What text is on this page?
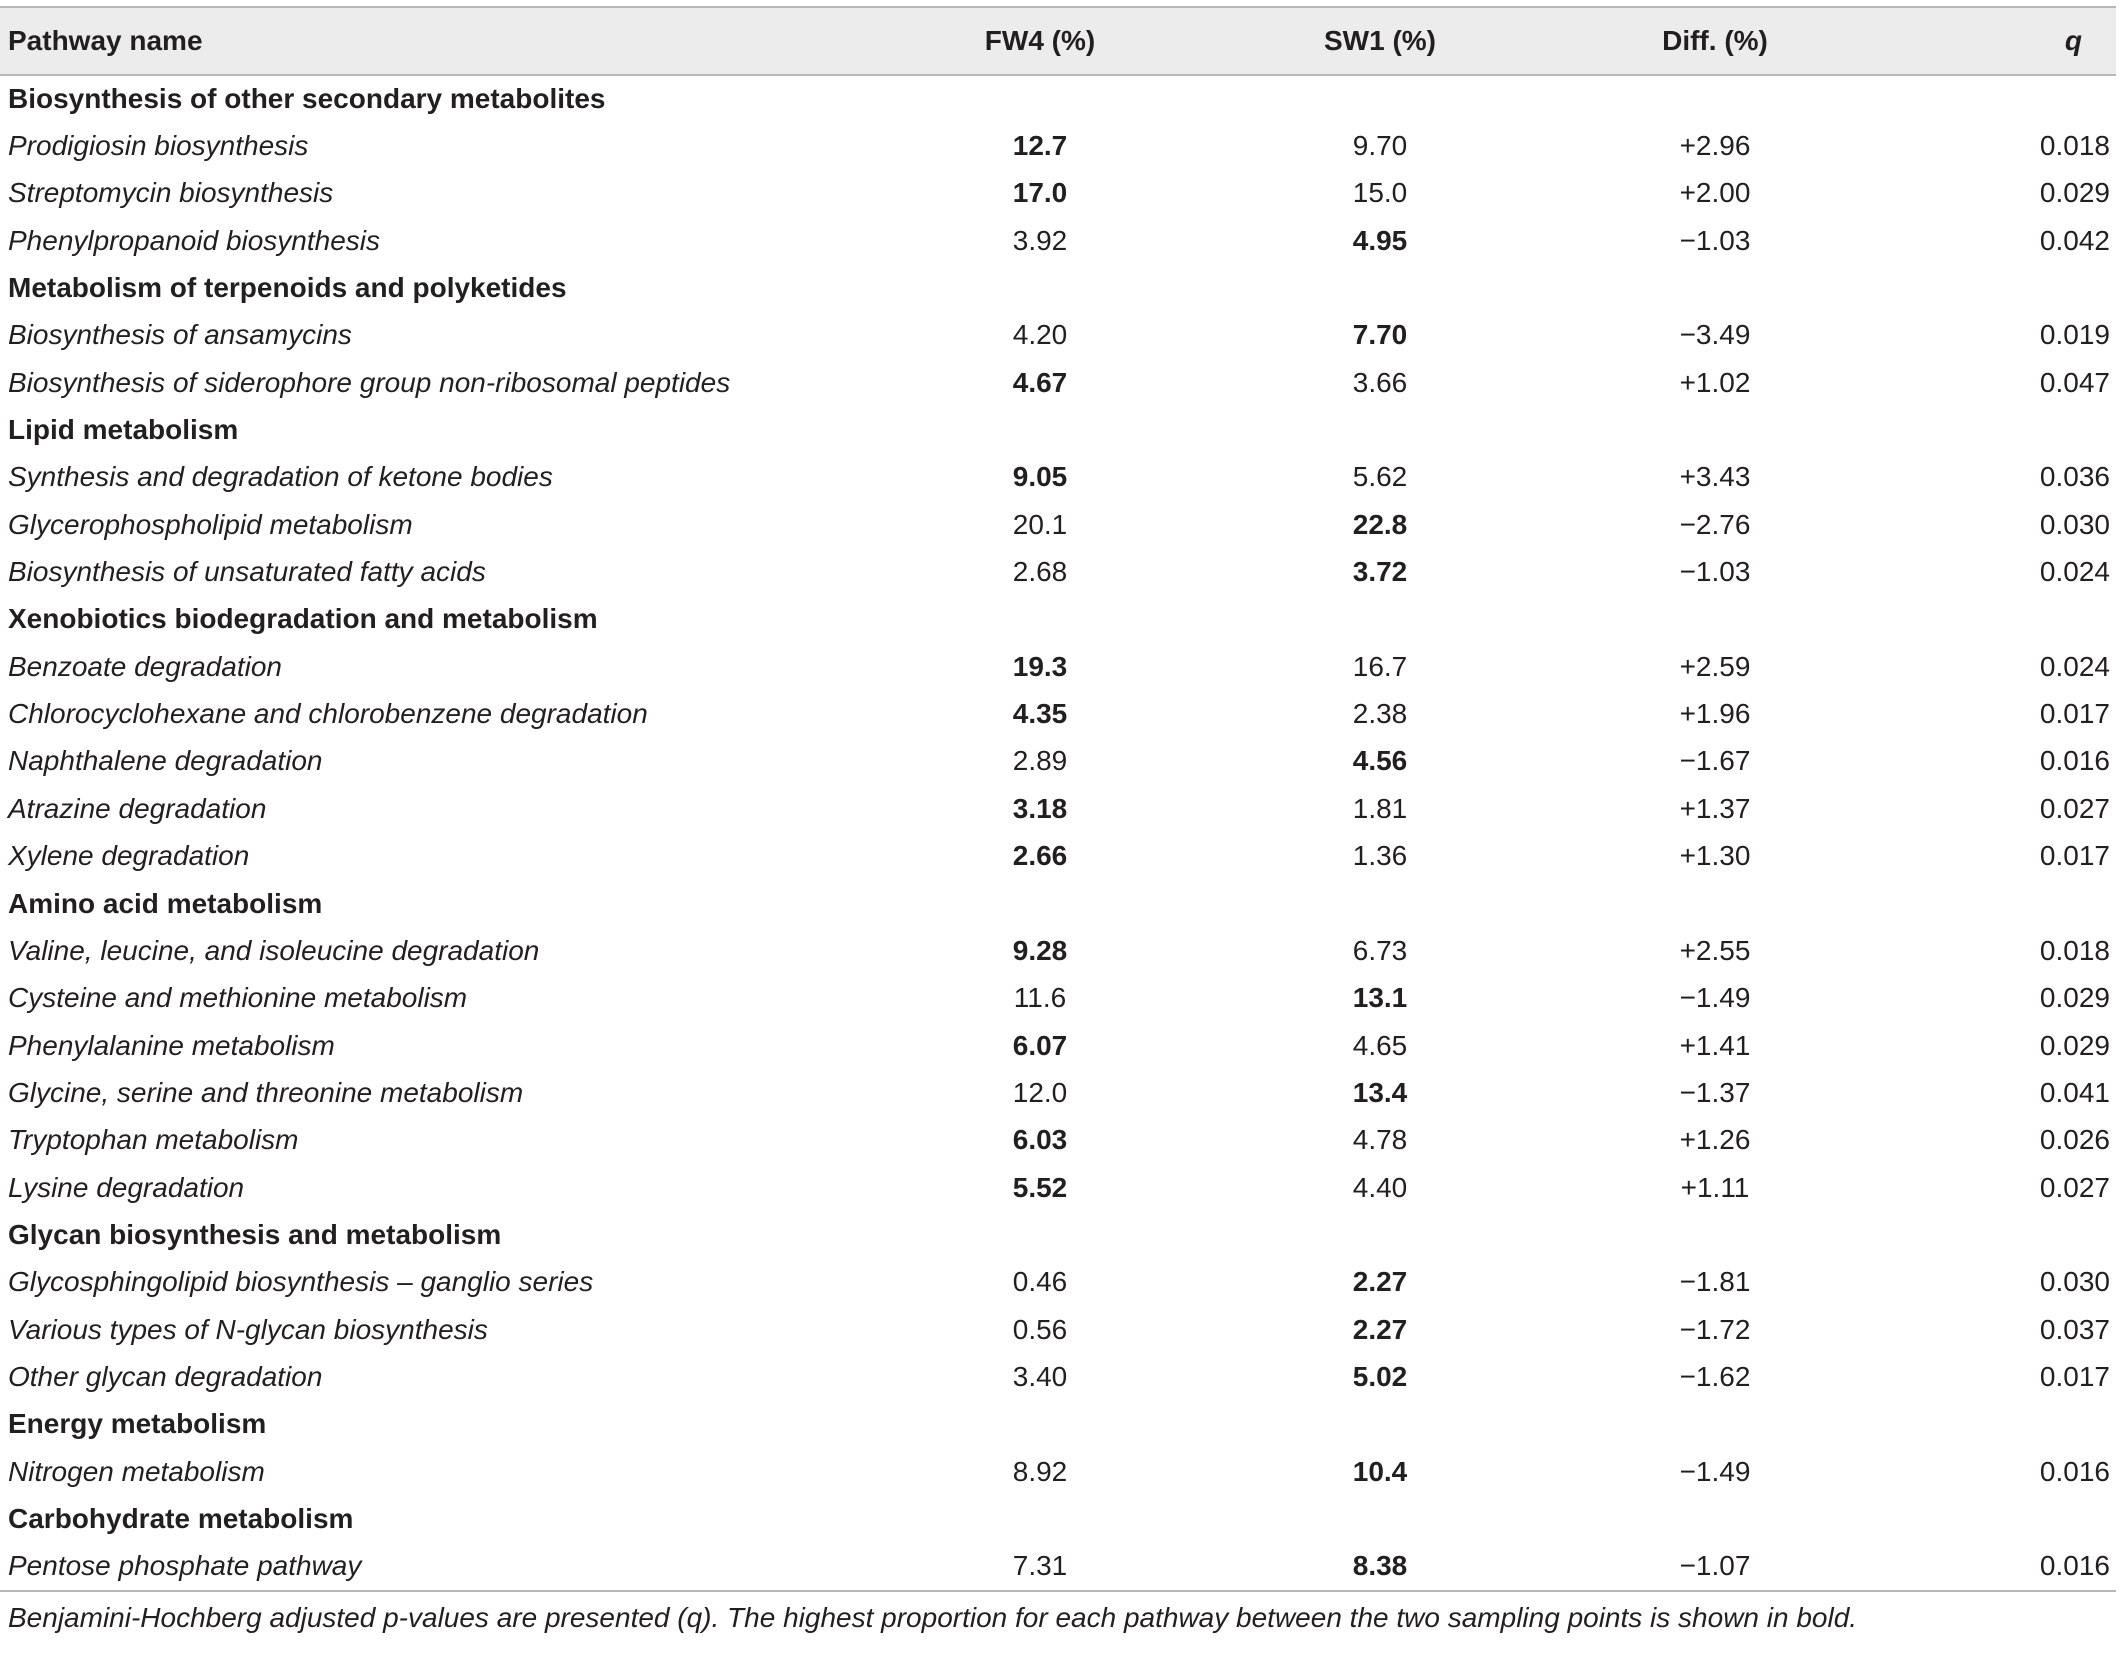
Pathway name	FW4 (%)	SW1 (%)	Diff. (%)	q
Biosynthesis of other secondary metabolites				
Prodigiosin biosynthesis	12.7	9.70	+2.96	0.018
Streptomycin biosynthesis	17.0	15.0	+2.00	0.029
Phenylpropanoid biosynthesis	3.92	4.95	−1.03	0.042
Metabolism of terpenoids and polyketides				
Biosynthesis of ansamycins	4.20	7.70	−3.49	0.019
Biosynthesis of siderophore group non-ribosomal peptides	4.67	3.66	+1.02	0.047
Lipid metabolism				
Synthesis and degradation of ketone bodies	9.05	5.62	+3.43	0.036
Glycerophospholipid metabolism	20.1	22.8	−2.76	0.030
Biosynthesis of unsaturated fatty acids	2.68	3.72	−1.03	0.024
Xenobiotics biodegradation and metabolism				
Benzoate degradation	19.3	16.7	+2.59	0.024
Chlorocyclohexane and chlorobenzene degradation	4.35	2.38	+1.96	0.017
Naphthalene degradation	2.89	4.56	−1.67	0.016
Atrazine degradation	3.18	1.81	+1.37	0.027
Xylene degradation	2.66	1.36	+1.30	0.017
Amino acid metabolism				
Valine, leucine, and isoleucine degradation	9.28	6.73	+2.55	0.018
Cysteine and methionine metabolism	11.6	13.1	−1.49	0.029
Phenylalanine metabolism	6.07	4.65	+1.41	0.029
Glycine, serine and threonine metabolism	12.0	13.4	−1.37	0.041
Tryptophan metabolism	6.03	4.78	+1.26	0.026
Lysine degradation	5.52	4.40	+1.11	0.027
Glycan biosynthesis and metabolism				
Glycosphingolipid biosynthesis – ganglio series	0.46	2.27	−1.81	0.030
Various types of N-glycan biosynthesis	0.56	2.27	−1.72	0.037
Other glycan degradation	3.40	5.02	−1.62	0.017
Energy metabolism				
Nitrogen metabolism	8.92	10.4	−1.49	0.016
Carbohydrate metabolism				
Pentose phosphate pathway	7.31	8.38	−1.07	0.016
Benjamini-Hochberg adjusted p-values are presented (q). The highest proportion for each pathway between the two sampling points is shown in bold.
